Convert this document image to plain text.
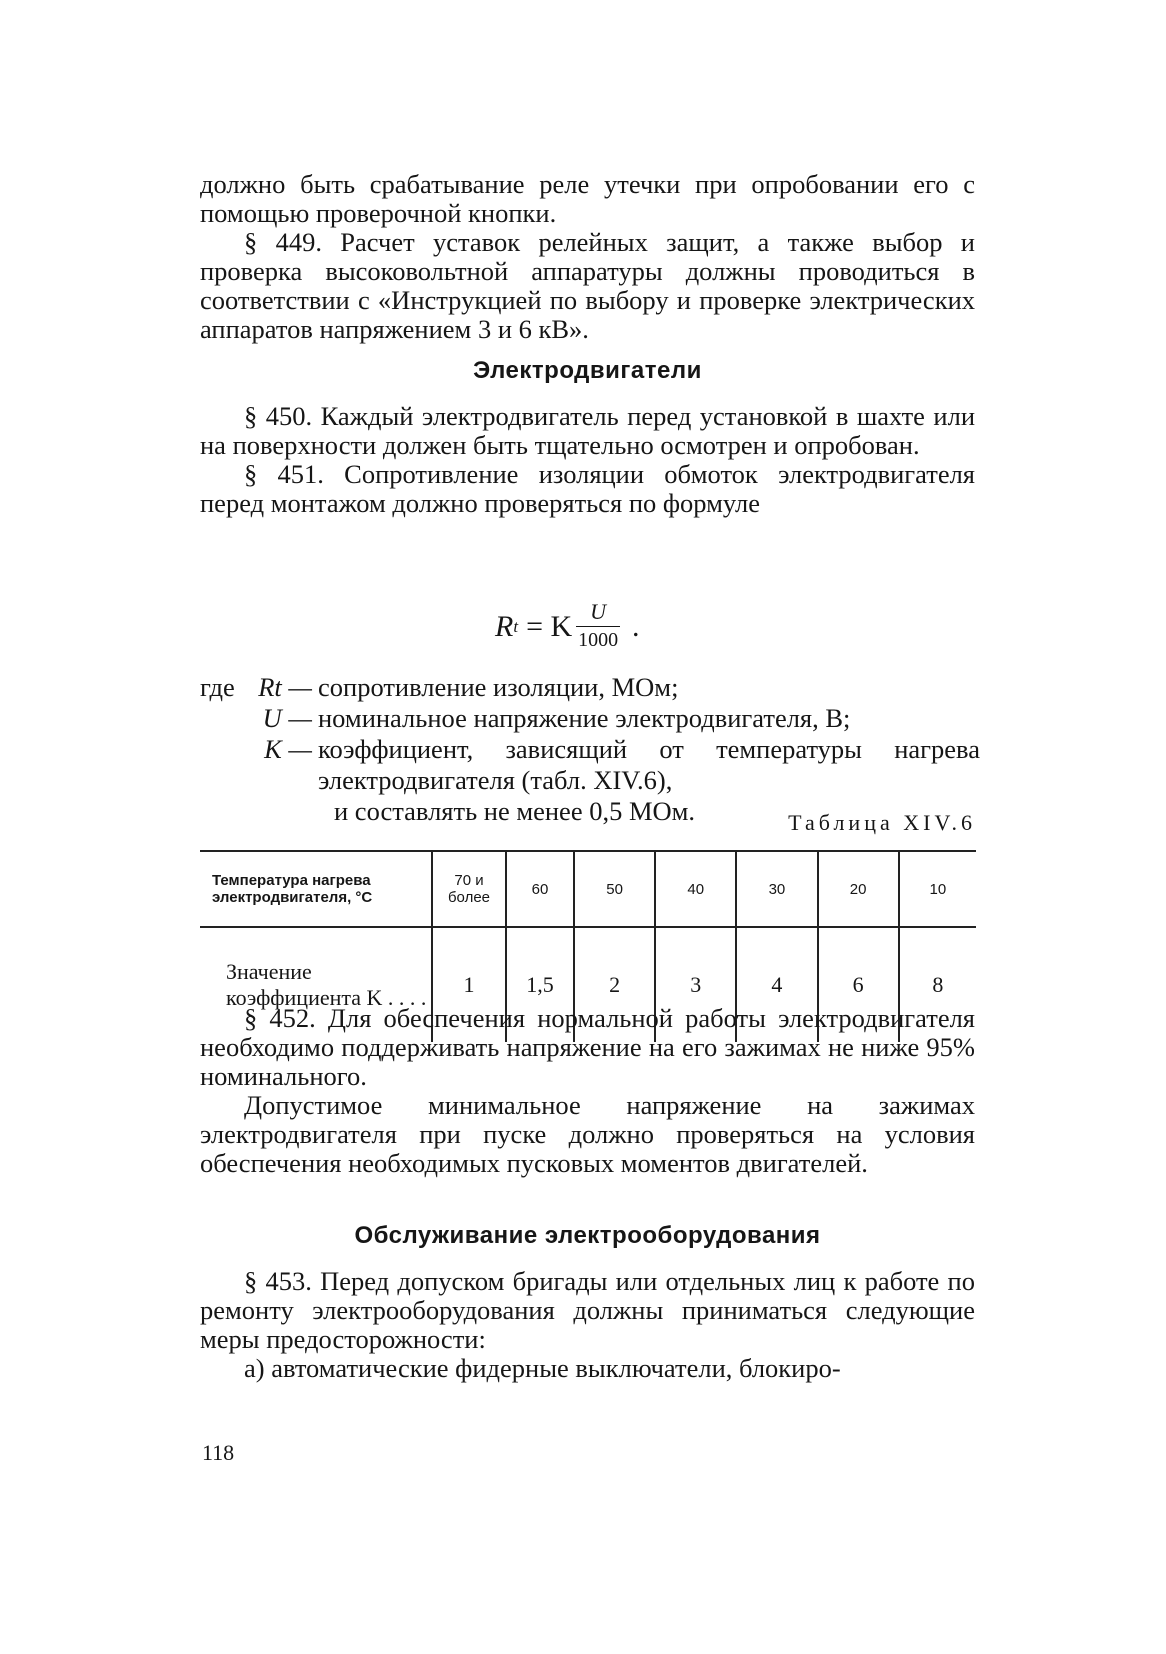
должно быть срабатывание реле утечки при опробовании его с помощью проверочной кнопки.

§ 449. Расчет уставок релейных защит, а также выбор и проверка высоковольтной аппаратуры должны проводиться в соответствии с «Инструкцией по выбору и проверке электрических аппаратов напряжением 3 и 6 кВ».

Электродвигатели

§ 450. Каждый электродвигатель перед установкой в шахте или на поверхности должен быть тщательно осмотрен и опробован.

§ 451. Сопротивление изоляции обмоток электродвигателя перед монтажом должно проверяться по формуле

R t = K $\frac{U}{1000}$ .
где Rt — сопротивление изоляции, МОм;
U — номинальное напряжение электродвигателя, В;
K — коэффициент, зависящий от температуры нагрева электродвигателя (табл. XIV.6),
и составлять не менее 0,5 МОм.	Таблица XIV.6
Температура нагрева электродвигателя, °С	70 и более	60	50	40	30	20	10
Значение коэффициента K . . . .	1	1,5	2	3	4	6	8

§ 452. Для обеспечения нормальной работы электродвигателя необходимо поддерживать напряжение на его зажимах не ниже 95% номинального.

Допустимое минимальное напряжение на зажимах электродвигателя при пуске должно проверяться на условия обеспечения необходимых пусковых моментов двигателей.

Обслуживание электрооборудования

§ 453. Перед допуском бригады или отдельных лиц к работе по ремонту электрооборудования должны приниматься следующие меры предосторожности:

а) автоматические фидерные выключатели, блокиро-

118
